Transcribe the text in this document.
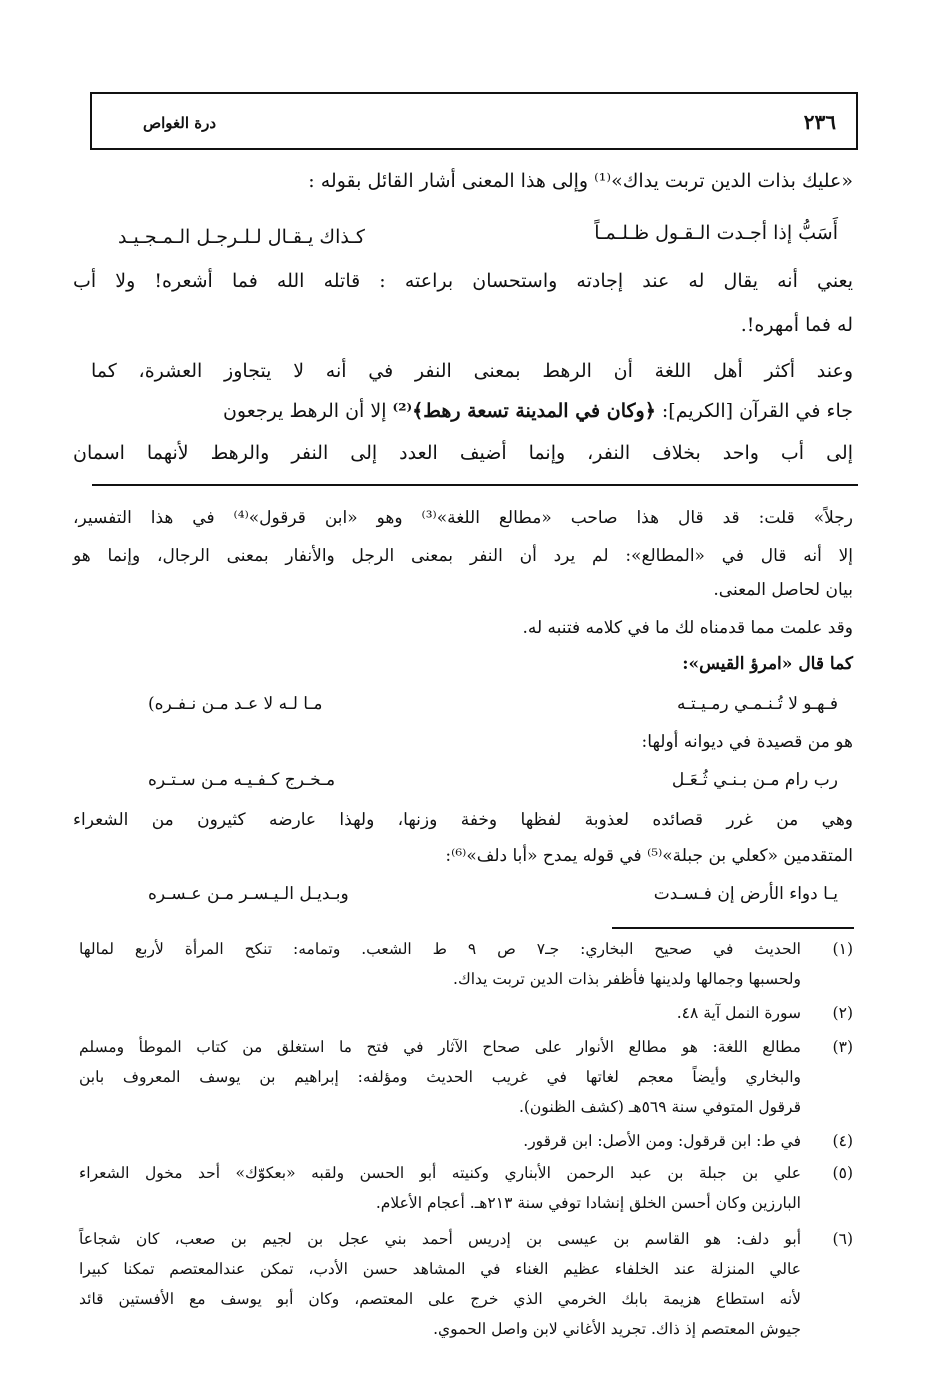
٢٣٦
درة الغواص
«عليك بذات الدين تربت يداك»⁽¹⁾ وإلى هذا المعنى أشار القائل بقوله :
أَسَبُّ إذا أجـدت الـقـول ظـلـمـاً
كـذاك يـقـال لـلـرجـل الـمـجـيـد
يعني أنه يقال له عند إجادته واستحسان براعته : قاتله الله فما أشعره! ولا أب
له فما أمهره!.
وعند أكثر أهل اللغة أن الرهط بمعنى النفر في أنه لا يتجاوز العشرة، كما
جاء في القرآن [الكريم]: ﴿وكان في المدينة تسعة رهط﴾⁽²⁾ إلا أن الرهط يرجعون
إلى أب واحد بخلاف النفر، وإنما أضيف العدد إلى النفر والرهط لأنهما اسمان
رجلاً» قلت: قد قال هذا صاحب «مطالع اللغة»⁽³⁾ وهو «ابن قرقول»⁽⁴⁾ في هذا التفسير،
إلا أنه قال في «المطالع»: لم يرد أن النفر بمعنى الرجل والأنفار بمعنى الرجال، وإنما هو
بيان لحاصل المعنى.
وقد علمت مما قدمناه لك ما في كلامه فتنبه له.
كما قال «امرؤ القيس»:
فـهـو لا تُـنـمـي رمـيـتـه
مـا لـه لا عـد مـن نـفـره)
هو من قصيدة في ديوانه أولها:
رب رام مـن بـنـي ثُـعَـل
مـخـرج كـفـيـه مـن سـتـره
وهي من غرر قصائده لعذوبة لفظها وخفة وزنها، ولهذا عارضه كثيرون من الشعراء
المتقدمين «كعلي بن جبلة»⁽⁵⁾ في قوله يمدح «أبا دلف»⁽⁶⁾:
يـا دواء الأرض إن فـسـدت
وبـديـل الـيـسـر مـن عـسـره
(١)
الحديث في صحيح البخاري: جـ٧ ص ٩ ط الشعب. وتمامه: تنكح المرأة لأربع لمالها
ولحسبها وجمالها ولدينها فأظفر بذات الدين تربت يداك.
(٢)
سورة النمل آية ٤٨.
(٣)
مطالع اللغة: هو مطالع الأنوار على صحاح الآثار في فتح ما استغلق من كتاب الموطأ ومسلم
والبخاري وأيضاً معجم لغاتها في غريب الحديث ومؤلفه: إبراهيم بن يوسف المعروف بابن
قرقول المتوفي سنة ٥٦٩هـ (كشف الظنون).
(٤)
في ط: ابن قرقول: ومن الأصل: ابن قرقور.
(٥)
علي بن جبلة بن عبد الرحمن الأبناري وكنيته أبو الحسن ولقبه «بعكوّك» أحد مخول الشعراء
البارزين وكان أحسن الخلق إنشادا توفي سنة ٢١٣هـ. أعجام الأعلام.
(٦)
أبو دلف: هو القاسم بن عيسى بن إدريس أحمد بني عجل بن لجيم بن صعب، كان شجاعاً
عالي المنزلة عند الخلفاء عظيم الغناء في المشاهد حسن الأدب، تمكن عندالمعتصم تمكنا كبيرا
لأنه استطاع هزيمة بابك الخرمي الذي خرج على المعتصم، وكان أبو يوسف مع الأفستين قائد
جيوش المعتصم إذ ذاك. تجريد الأغاني لابن واصل الحموي.
